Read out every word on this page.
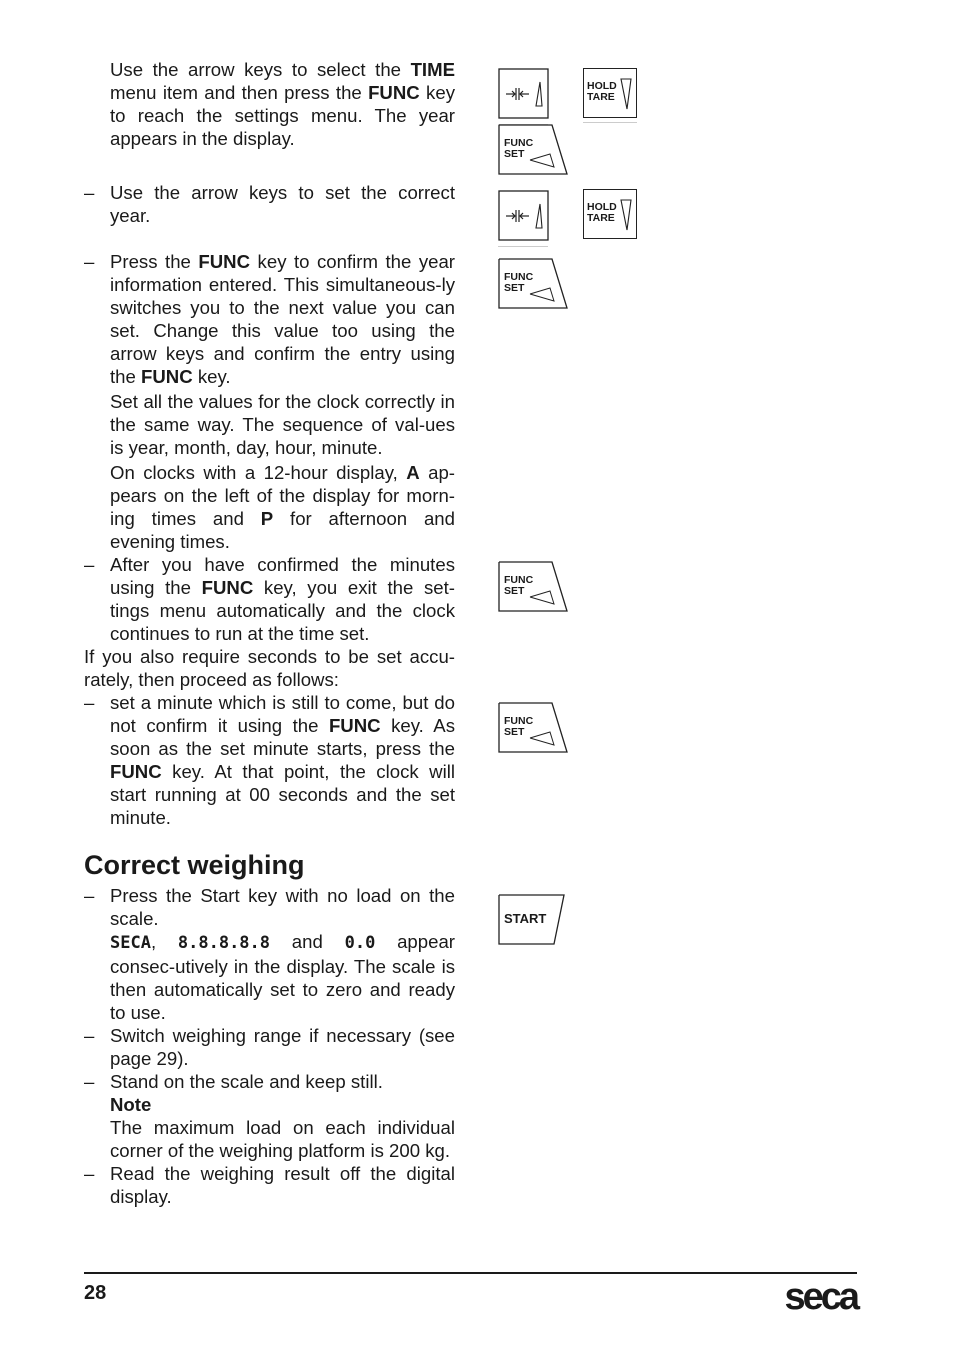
Use the arrow keys to select the TIME menu item and then press the FUNC key to reach the settings menu. The year appears in the display.

– Use the arrow keys to set the correct year.

– Press the FUNC key to confirm the year information entered. This simultaneous-ly switches you to the next value you can set. Change this value too using the arrow keys and confirm the entry using the FUNC key.

Set all the values for the clock correctly in the same way. The sequence of val-ues is year, month, day, hour, minute.

On clocks with a 12-hour display, A ap-pears on the left of the display for morn-ing times and P for afternoon and evening times.

– After you have confirmed the minutes using the FUNC key, you exit the set-tings menu automatically and the clock continues to run at the time set.

If you also require seconds to be set accu-rately, then proceed as follows:

– set a minute which is still to come, but do not confirm it using the FUNC key. As soon as the set minute starts, press the FUNC key. At that point, the clock will start running at 00 seconds and the set minute.

Correct weighing

– Press the Start key with no load on the scale.

SECA, 8.8.8.8.8 and 0.0 appear consec-utively in the display. The scale is then automatically set to zero and ready to use.

– Switch weighing range if necessary (see page 29).

– Stand on the scale and keep still.

Note

The maximum load on each individual corner of the weighing platform is 200 kg.

– Read the weighing result off the digital display.

HOLD
TARE
FUNC
SET
HOLD
TARE
FUNC
SET
FUNC
SET
FUNC
SET
START
28	seca
